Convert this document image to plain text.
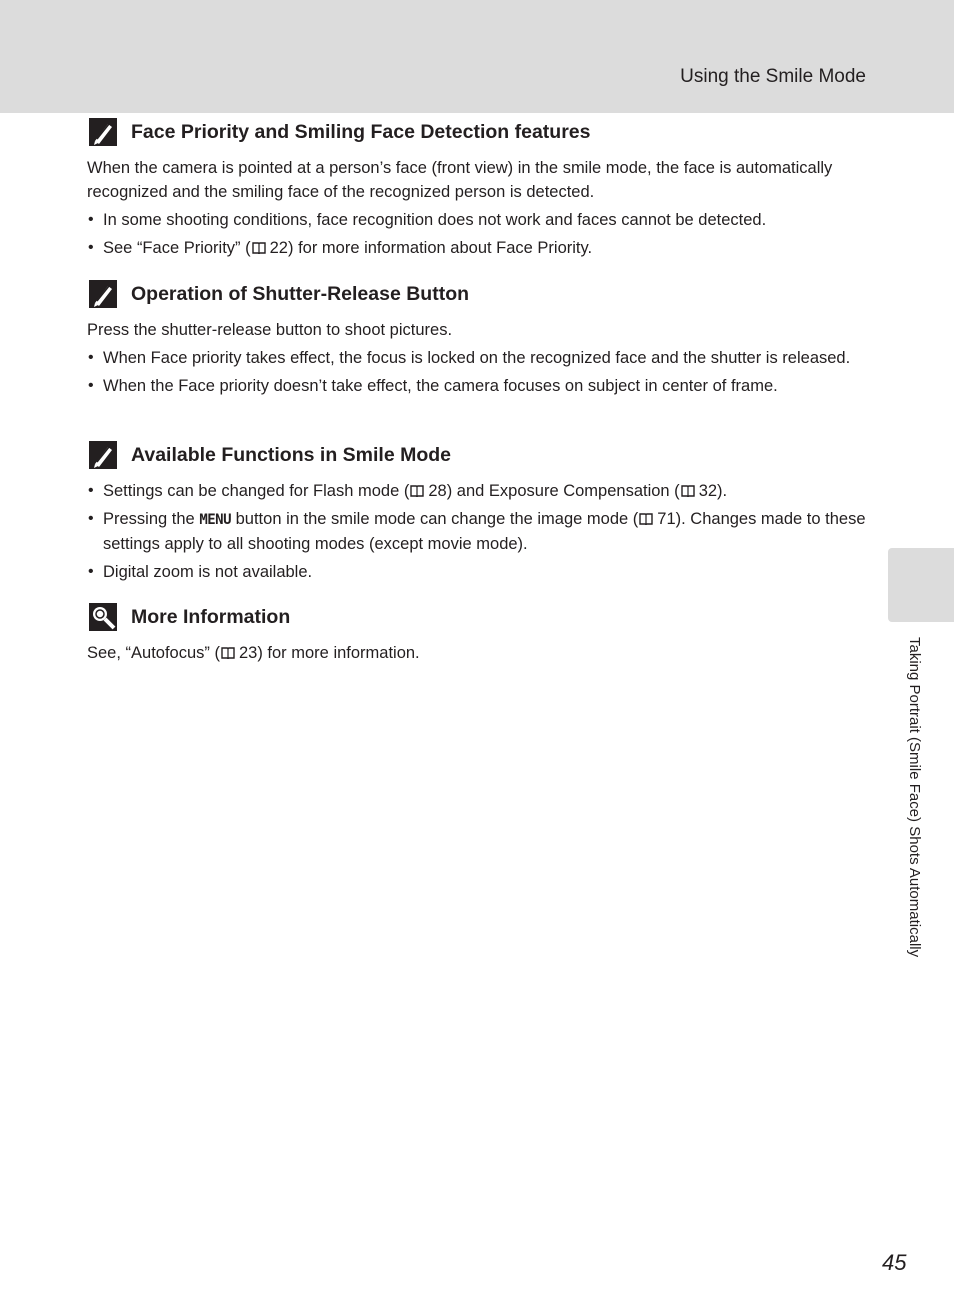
Using the Smile Mode
Face Priority and Smiling Face Detection features

When the camera is pointed at a person’s face (front view) in the smile mode, the face is automatically recognized and the smiling face of the recognized person is detected.

• In some shooting conditions, face recognition does not work and faces cannot be detected.
• See “Face Priority” ( 22) for more information about Face Priority.
Operation of Shutter-Release Button

Press the shutter-release button to shoot pictures.

• When Face priority takes effect, the focus is locked on the recognized face and the shutter is released.
• When the Face priority doesn’t take effect, the camera focuses on subject in center of frame.
Available Functions in Smile Mode
• Settings can be changed for Flash mode ( 28) and Exposure Compensation ( 32).
• Pressing the MENU button in the smile mode can change the image mode ( 71). Changes made to these settings apply to all shooting modes (except movie mode).
• Digital zoom is not available.
More Information

See, “Autofocus” ( 23) for more information.	Taking Portrait (Smile Face) Shots Automatically
45
